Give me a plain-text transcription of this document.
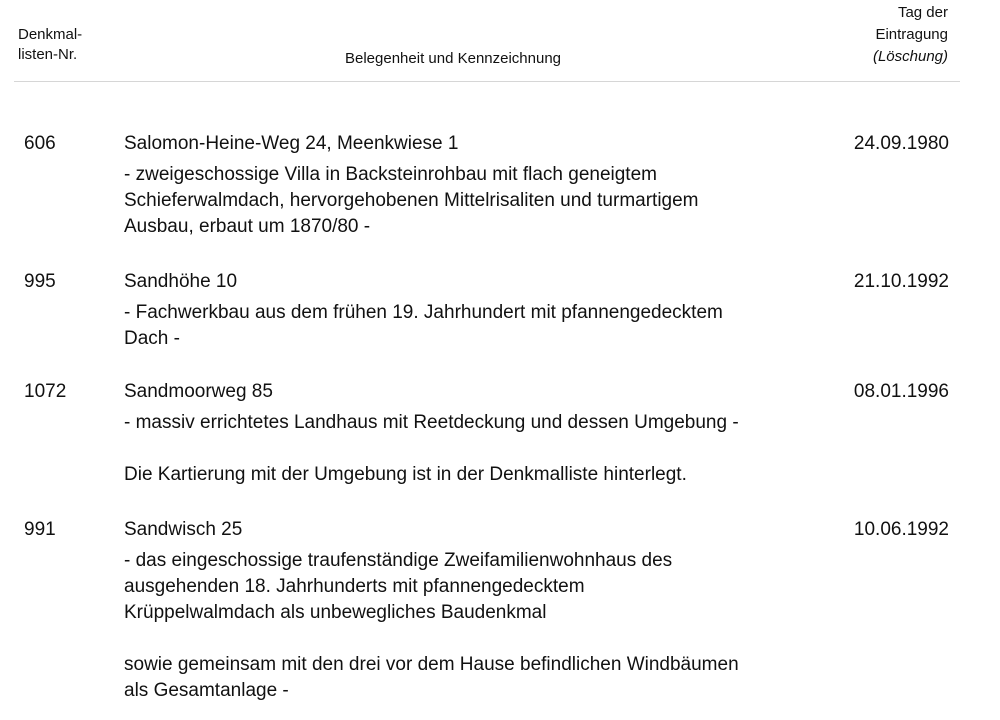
Denkmal-
listen-Nr.	Belegenheit und Kennzeichnung
Tag der
Eintragung
(Löschung)
606	Salomon-Heine-Weg 24, Meenkwiese 1

- zweigeschossige Villa in Backsteinrohbau mit flach geneigtem
Schieferwalmdach, hervorgehobenen Mittelrisaliten und turmartigem
Ausbau, erbaut um 1870/80 -

24.09.1980
995	Sandhöhe 10

- Fachwerkbau aus dem frühen 19. Jahrhundert mit pfannengedecktem
Dach -

21.10.1992
1072	Sandmoorweg 85

- massiv errichtetes Landhaus mit Reetdeckung und dessen Umgebung -

Die Kartierung mit der Umgebung ist in der Denkmalliste hinterlegt.

08.01.1996
991	Sandwisch 25

- das eingeschossige traufenständige Zweifamilienwohnhaus des
ausgehenden 18. Jahrhunderts mit pfannengedecktem
Krüppelwalmdach als unbewegliches Baudenkmal

sowie gemeinsam mit den drei vor dem Hause befindlichen Windbäumen
als Gesamtanlage -

10.06.1992
